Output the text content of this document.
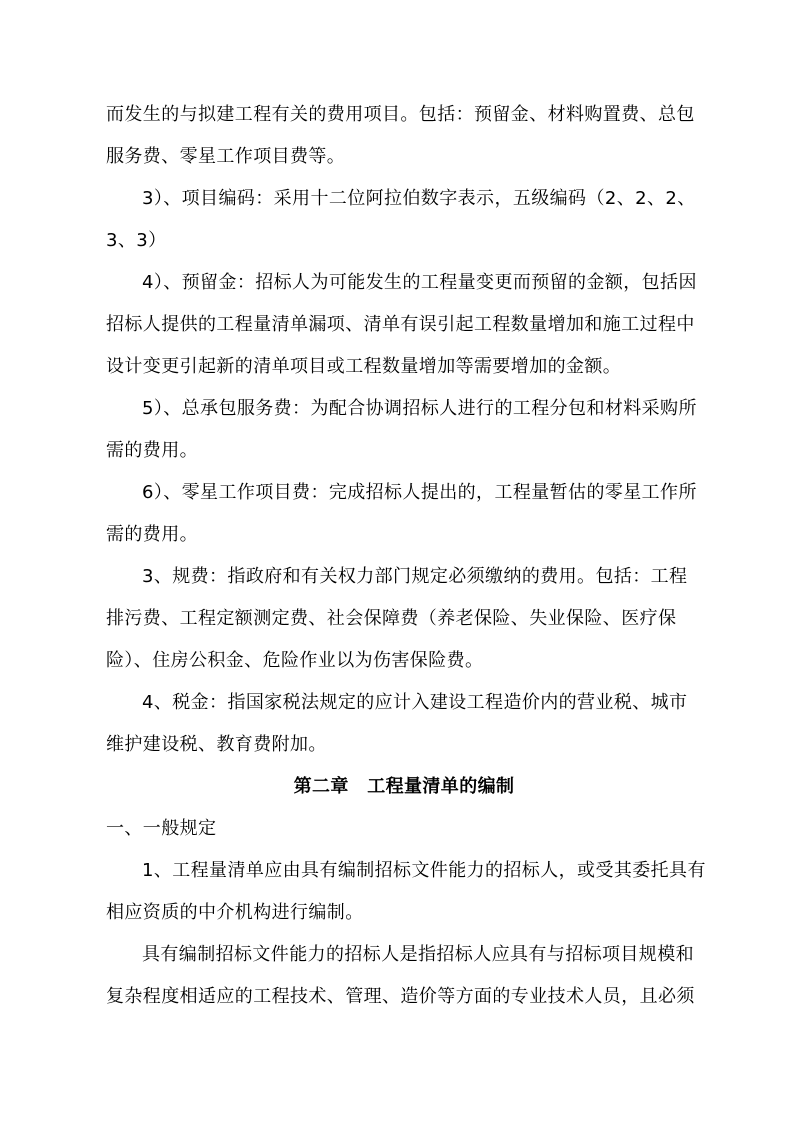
而发生的与拟建工程有关的费用项目。包括：预留金、材料购置费、总包
服务费、零星工作项目费等。
3）、项目编码：采用十二位阿拉伯数字表示，五级编码（2、2、2、
3、3）
4）、预留金：招标人为可能发生的工程量变更而预留的金额，包括因
招标人提供的工程量清单漏项、清单有误引起工程数量增加和施工过程中
设计变更引起新的清单项目或工程数量增加等需要增加的金额。
5）、总承包服务费：为配合协调招标人进行的工程分包和材料采购所
需的费用。
6）、零星工作项目费：完成招标人提出的，工程量暂估的零星工作所
需的费用。
3、规费：指政府和有关权力部门规定必须缴纳的费用。包括：工程
排污费、工程定额测定费、社会保障费（养老保险、失业保险、医疗保
险）、住房公积金、危险作业以为伤害保险费。
4、税金：指国家税法规定的应计入建设工程造价内的营业税、城市
维护建设税、教育费附加。
第二章　工程量清单的编制
一、一般规定
1、工程量清单应由具有编制招标文件能力的招标人，或受其委托具有
相应资质的中介机构进行编制。
具有编制招标文件能力的招标人是指招标人应具有与招标项目规模和
复杂程度相适应的工程技术、管理、造价等方面的专业技术人员，且必须
